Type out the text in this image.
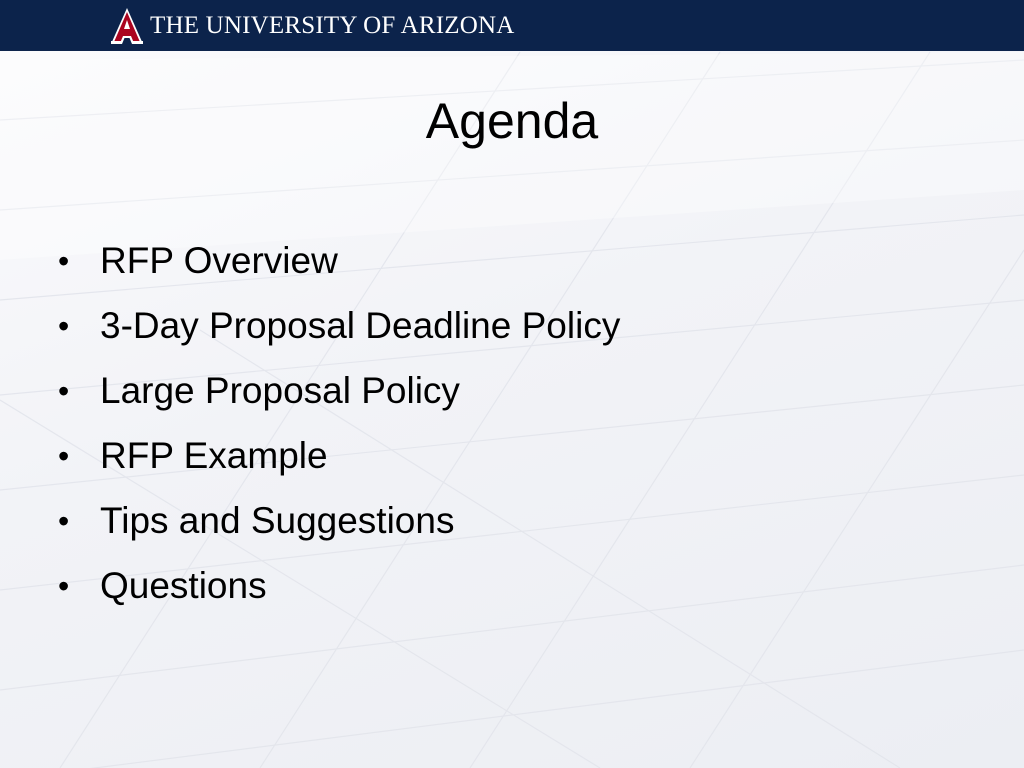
THE UNIVERSITY OF ARIZONA
Agenda
• RFP Overview
• 3-Day Proposal Deadline Policy
• Large Proposal Policy
• RFP Example
• Tips and Suggestions
• Questions
